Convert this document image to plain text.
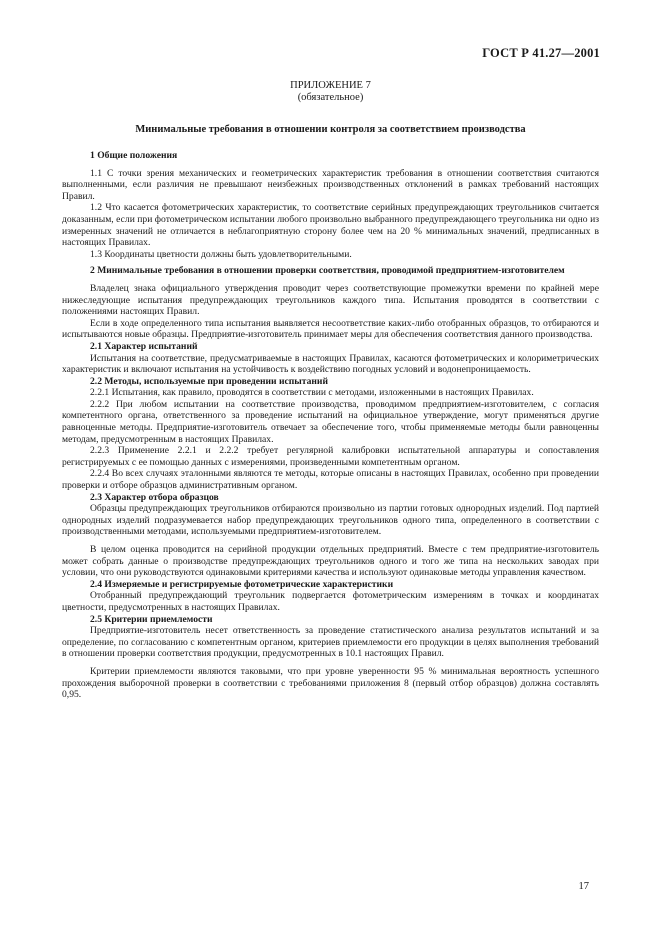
ГОСТ Р 41.27—2001
ПРИЛОЖЕНИЕ 7
(обязательное)
Минимальные требования в отношении контроля за соответствием производства

1 Общие положения

1.1 С точки зрения механических и геометрических характеристик требования в отношении соответствия считаются выполненными, если различия не превышают неизбежных производственных отклонений в рамках требований настоящих Правил.

1.2 Что касается фотометрических характеристик, то соответствие серийных предупреждающих треугольников считается доказанным, если при фотометрическом испытании любого произвольно выбранного предупреждающего треугольника ни одно из измеренных значений не отличается в неблагоприятную сторону более чем на 20 % минимальных значений, предписанных в настоящих Правилах.

1.3 Координаты цветности должны быть удовлетворительными.

2 Минимальные требования в отношении проверки соответствия, проводимой предприятием-изготовителем

Владелец знака официального утверждения проводит через соответствующие промежутки времени по крайней мере нижеследующие испытания предупреждающих треугольников каждого типа. Испытания проводятся в соответствии с положениями настоящих Правил.

Если в ходе определенного типа испытания выявляется несоответствие каких-либо отобранных образцов, то отбираются и испытываются новые образцы. Предприятие-изготовитель принимает меры для обеспечения соответствия данного производства.

2.1 Характер испытаний

Испытания на соответствие, предусматриваемые в настоящих Правилах, касаются фотометрических и колориметрических характеристик и включают испытания на устойчивость к воздействию погодных условий и водонепроницаемость.

2.2 Методы, используемые при проведении испытаний

2.2.1 Испытания, как правило, проводятся в соответствии с методами, изложенными в настоящих Правилах.

2.2.2 При любом испытании на соответствие производства, проводимом предприятием-изготовителем, с согласия компетентного органа, ответственного за проведение испытаний на официальное утверждение, могут применяться другие равноценные методы. Предприятие-изготовитель отвечает за обеспечение того, чтобы применяемые методы были равноценны методам, предусмотренным в настоящих Правилах.

2.2.3 Применение 2.2.1 и 2.2.2 требует регулярной калибровки испытательной аппаратуры и сопоставления регистрируемых с ее помощью данных с измерениями, произведенными компетентным органом.

2.2.4 Во всех случаях эталонными являются те методы, которые описаны в настоящих Правилах, особенно при проведении проверки и отборе образцов административным органом.

2.3 Характер отбора образцов

Образцы предупреждающих треугольников отбираются произвольно из партии готовых однородных изделий. Под партией однородных изделий подразумевается набор предупреждающих треугольников одного типа, определенного в соответствии с производственными методами, используемыми предприятием-изготовителем.

В целом оценка проводится на серийной продукции отдельных предприятий. Вместе с тем предприятие-изготовитель может собрать данные о производстве предупреждающих треугольников одного и того же типа на нескольких заводах при условии, что они руководствуются одинаковыми критериями качества и используют одинаковые методы управления качеством.

2.4 Измеряемые и регистрируемые фотометрические характеристики

Отобранный предупреждающий треугольник подвергается фотометрическим измерениям в точках и координатах цветности, предусмотренных в настоящих Правилах.

2.5 Критерии приемлемости

Предприятие-изготовитель несет ответственность за проведение статистического анализа результатов испытаний и за определение, по согласованию с компетентным органом, критериев приемлемости его продукции в целях выполнения требований в отношении проверки соответствия продукции, предусмотренных в 10.1 настоящих Правил.

Критерии приемлемости являются таковыми, что при уровне уверенности 95 % минимальная вероятность успешного прохождения выборочной проверки в соответствии с требованиями приложения 8 (первый отбор образцов) должна составлять 0,95.

17
